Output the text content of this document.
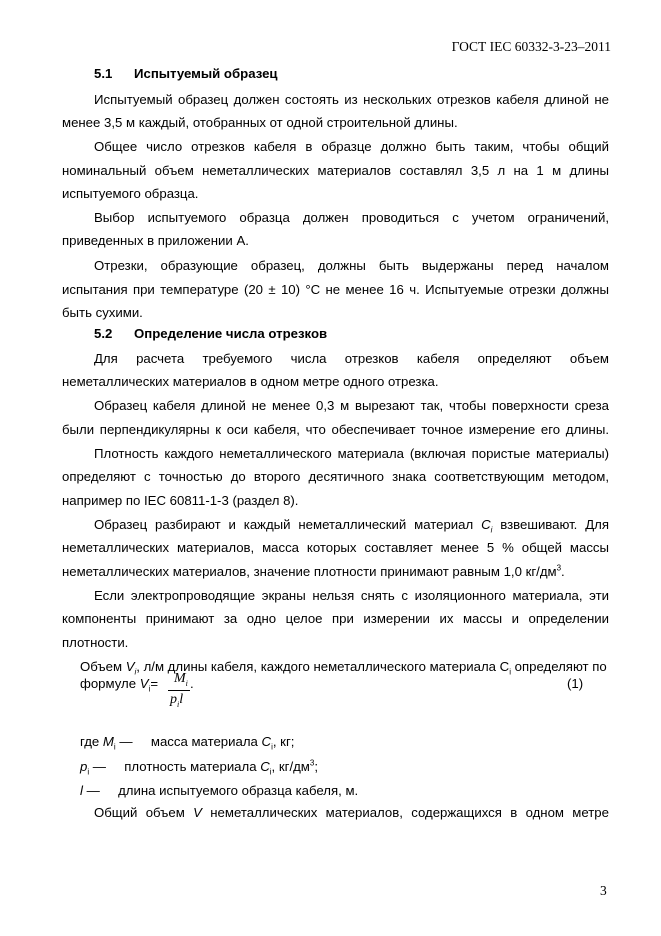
ГОСТ IEC 60332-3-23–2011
5.1 Испытуемый образец
Испытуемый образец должен состоять из нескольких отрезков кабеля длиной не
менее 3,5 м каждый, отобранных от одной строительной длины.
Общее число отрезков кабеля в образце должно быть таким, чтобы общий
номинальный объем неметаллических материалов составлял 3,5 л на 1 м длины
испытуемого образца.
Выбор испытуемого образца должен проводиться с учетом ограничений,
приведенных в приложении А.
Отрезки, образующие образец, должны быть выдержаны перед началом
испытания при температуре (20 ± 10) °С не менее 16 ч. Испытуемые отрезки должны
быть сухими.
5.2 Определение числа отрезков
Для расчета требуемого числа отрезков кабеля определяют объем
неметаллических материалов в одном метре одного отрезка.
Образец кабеля длиной не менее 0,3 м вырезают так, чтобы поверхности среза
были перпендикулярны к оси кабеля, что обеспечивает точное измерение его длины.
Плотность каждого неметаллического материала (включая пористые материалы)
определяют с точностью до второго десятичного знака соответствующим методом,
например по IEC 60811-1-3 (раздел 8).
Образец разбирают и каждый неметаллический материал $C_i$ взвешивают. Для
неметаллических материалов, масса которых составляет менее 5 % общей массы
неметаллических материалов, значение плотности принимают равным 1,0 $кг/дм^3$.
Если электропроводящие экраны нельзя снять с изоляционного материала, эти
компоненты принимают за одно целое при измерении их массы и определении
плотности.
Объем $V_i$, л/м длины кабеля, каждого неметаллического материала $C_i$ определяют по
формуле $V_i=$	$M_i$
$p_il$
.	(1)
где $M_i$ —     масса материала $C_i$, кг;
$p_i$ —     плотность материала $C_i$, $кг/дм^3$;
l —     длина испытуемого образца кабеля, м.
Общий объем V неметаллических материалов, содержащихся в одном метре
3
